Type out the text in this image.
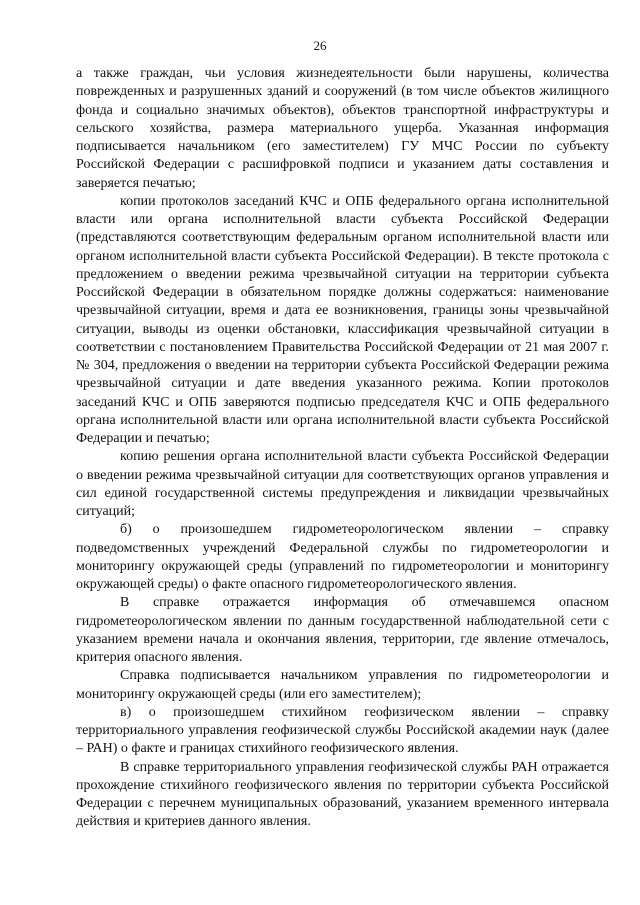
26

а также граждан, чьи условия жизнедеятельности были нарушены, количества поврежденных и разрушенных зданий и сооружений (в том числе объектов жилищного фонда и социально значимых объектов), объектов транспортной инфраструктуры и сельского хозяйства, размера материального ущерба. Указанная информация подписывается начальником (его заместителем) ГУ МЧС России по субъекту Российской Федерации с расшифровкой подписи и указанием даты составления и заверяется печатью;

копии протоколов заседаний КЧС и ОПБ федерального органа исполнительной власти или органа исполнительной власти субъекта Российской Федерации (представляются соответствующим федеральным органом исполнительной власти или органом исполнительной власти субъекта Российской Федерации). В тексте протокола с предложением о введении режима чрезвычайной ситуации на территории субъекта Российской Федерации в обязательном порядке должны содержаться: наименование чрезвычайной ситуации, время и дата ее возникновения, границы зоны чрезвычайной ситуации, выводы из оценки обстановки, классификация чрезвычайной ситуации в соответствии с постановлением Правительства Российской Федерации от 21 мая 2007 г. № 304, предложения о введении на территории субъекта Российской Федерации режима чрезвычайной ситуации и дате введения указанного режима. Копии протоколов заседаний КЧС и ОПБ заверяются подписью председателя КЧС и ОПБ федерального органа исполнительной власти или органа исполнительной власти субъекта Российской Федерации и печатью;

копию решения органа исполнительной власти субъекта Российской Федерации о введении режима чрезвычайной ситуации для соответствующих органов управления и сил единой государственной системы предупреждения и ликвидации чрезвычайных ситуаций;

б) о произошедшем гидрометеорологическом явлении – справку подведомственных учреждений Федеральной службы по гидрометеорологии и мониторингу окружающей среды (управлений по гидрометеорологии и мониторингу окружающей среды) о факте опасного гидрометеорологического явления.

В справке отражается информация об отмечавшемся опасном гидрометеорологическом явлении по данным государственной наблюдательной сети с указанием времени начала и окончания явления, территории, где явление отмечалось, критерия опасного явления.

Справка подписывается начальником управления по гидрометеорологии и мониторингу окружающей среды (или его заместителем);

в) о произошедшем стихийном геофизическом явлении – справку территориального управления геофизической службы Российской академии наук (далее – РАН) о факте и границах стихийного геофизического явления.

В справке территориального управления геофизической службы РАН отражается прохождение стихийного геофизического явления по территории субъекта Российской Федерации с перечнем муниципальных образований, указанием временного интервала действия и критериев данного явления.
